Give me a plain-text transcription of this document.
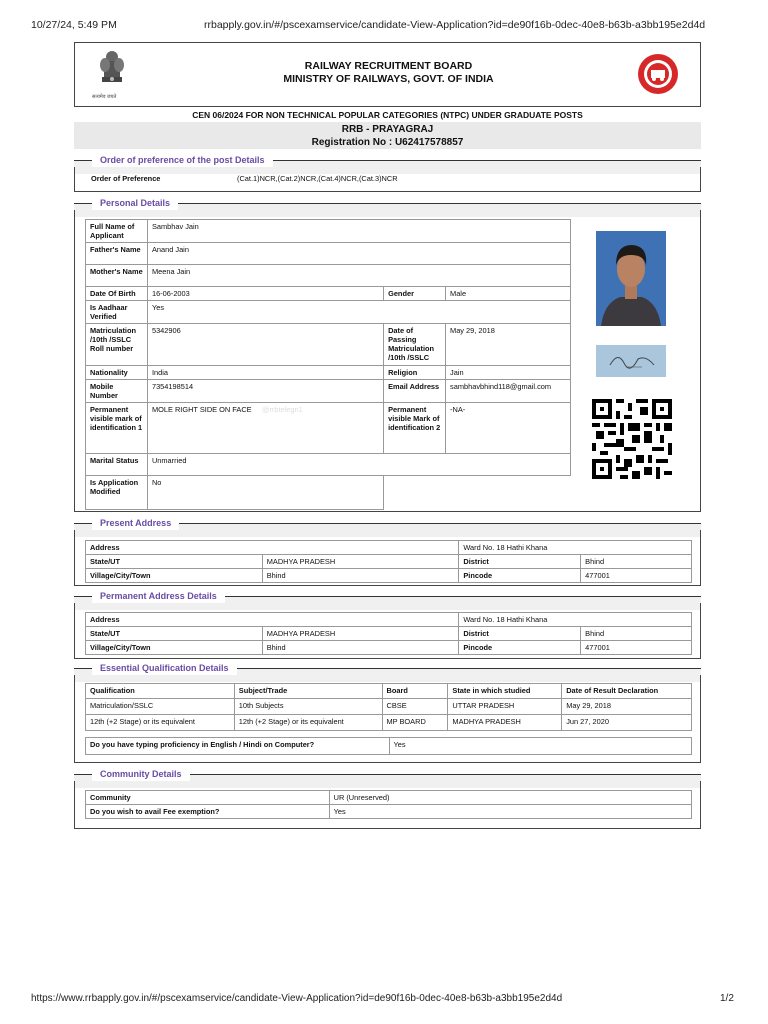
10/27/24, 5:49 PM	rrbapply.gov.in/#/pscexamservice/candidate-View-Application?id=de90f16b-0dec-40e8-b63b-a3bb195e2d4d
सत्यमेव जयते
RAILWAY RECRUITMENT BOARD
MINISTRY OF RAILWAYS, GOVT. OF INDIA
CEN 06/2024 FOR NON TECHNICAL POPULAR CATEGORIES (NTPC) UNDER GRADUATE POSTS
RRB - PRAYAGRAJ
Registration No : U62417578857
Order of preference of the post Details
Order of Preference	(Cat.1)NCR,(Cat.2)NCR,(Cat.4)NCR,(Cat.3)NCR
Personal Details
Full Name of Applicant	Sambhav Jain		
Father's Name	Anand Jain		
Mother's Name	Meena Jain		
Date Of Birth	16-06-2003	Gender	Male
Is Aadhaar Verified	Yes		
Matriculation /10th /SSLC Roll number	5342906	Date of Passing Matriculation /10th /SSLC	May 29, 2018
Nationality	India	Religion	Jain
Mobile Number	7354198514	Email Address	sambhavbhind118@gmail.com
Permanent visible mark of identification 1	MOLE RIGHT SIDE ON FACE @rrbtelegn1	Permanent visible Mark of identification 2	-NA-
Marital Status	Unmarried		
Is Application Modified	No		
Present Address
Address		Ward No. 18 Hathi Khana	
State/UT	MADHYA PRADESH	District	Bhind
Village/City/Town	Bhind	Pincode	477001
Permanent Address Details
Address		Ward No. 18 Hathi Khana	
State/UT	MADHYA PRADESH	District	Bhind
Village/City/Town	Bhind	Pincode	477001
Essential Qualification Details
Qualification	Subject/Trade	Board	State in which studied	Date of Result Declaration
Matriculation/SSLC	10th Subjects	CBSE	UTTAR PRADESH	May 29, 2018
12th (+2 Stage) or its equivalent	12th (+2 Stage) or its equivalent	MP BOARD	MADHYA PRADESH	Jun 27, 2020
Do you have typing proficiency in English / Hindi on Computer?	Yes
Community Details
Community	UR (Unreserved)
Do you wish to avail Fee exemption?	Yes
https://www.rrbapply.gov.in/#/pscexamservice/candidate-View-Application?id=de90f16b-0dec-40e8-b63b-a3bb195e2d4d	1/2
